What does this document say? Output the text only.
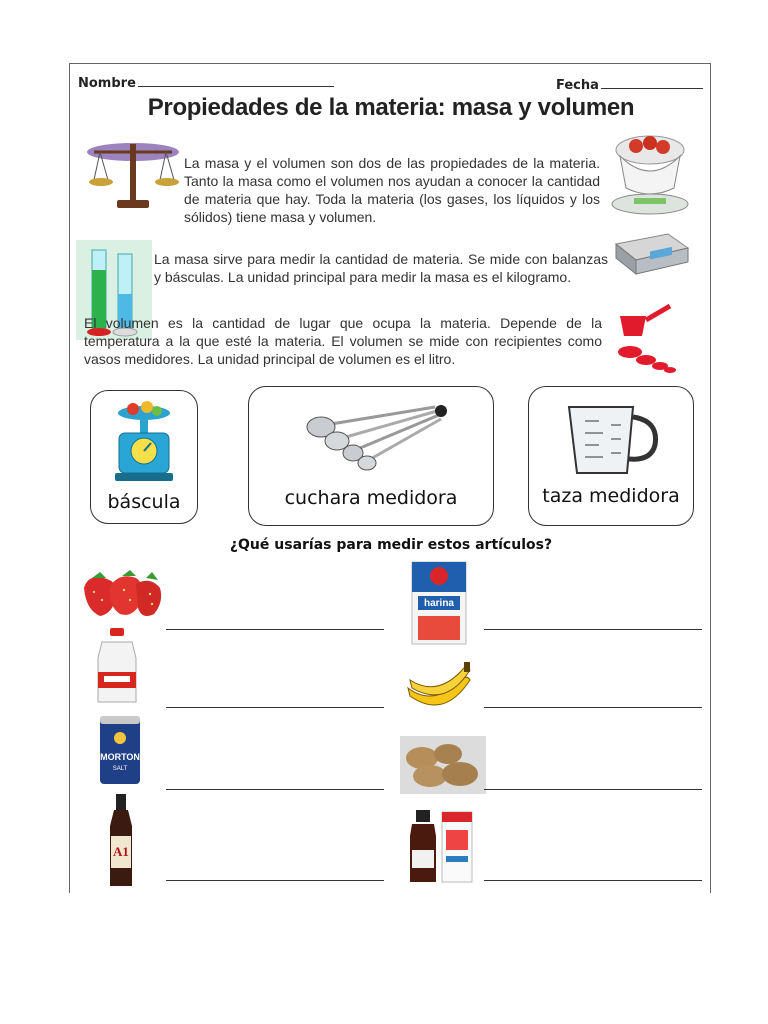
Nombre	Fecha
Propiedades de la materia: masa y volumen
La masa y el volumen son dos de las propiedades de la materia. Tanto la masa como el volumen nos ayudan a conocer la cantidad de materia que hay. Toda la materia (los gases, los líquidos y los sólidos) tiene masa y volumen.
La masa sirve para medir la cantidad de materia. Se mide con balanzas y básculas. La unidad principal para medir la masa es el kilogramo.
El volumen es la cantidad de lugar que ocupa la materia. Depende de la temperatura a la que esté la materia. El volumen se mide con recipientes como vasos medidores. La unidad principal de volumen es el litro.
báscula	cuchara medidora	taza medidora
¿Qué usarías para medir estos artículos?
MORTON
SALT
A1
harina
